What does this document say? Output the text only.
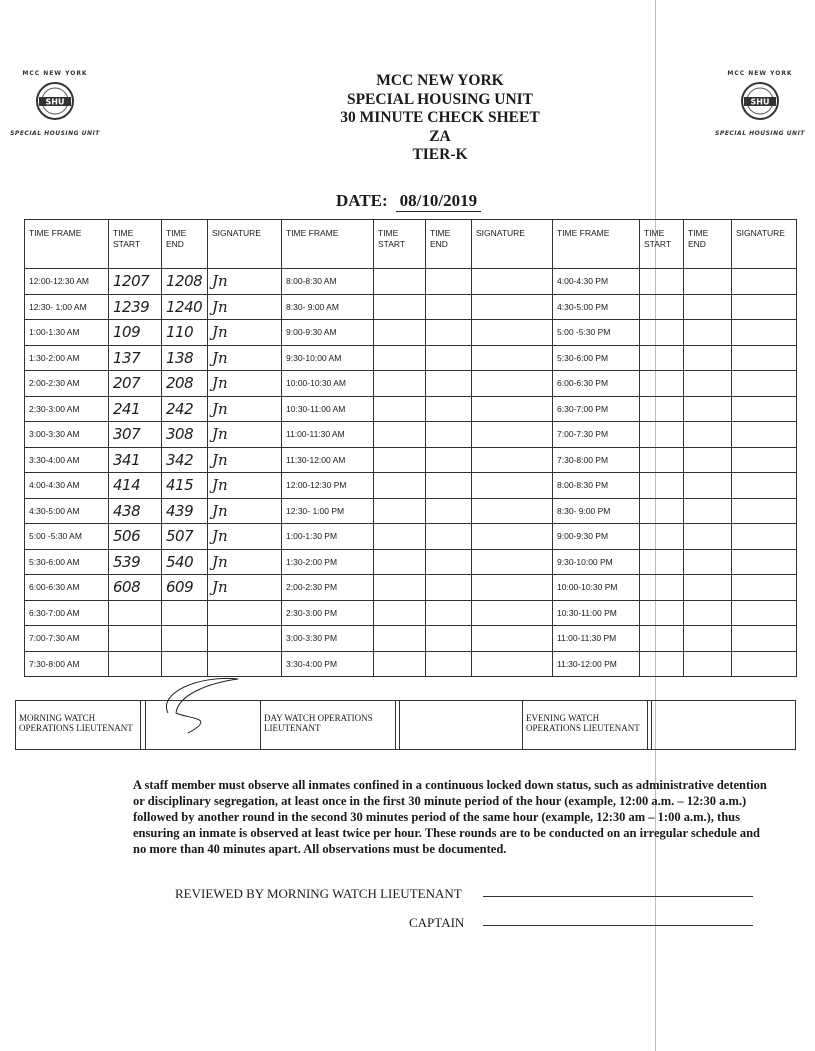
MCC NEW YORK
SHU
SPECIAL HOUSING UNIT
MCC NEW YORK
SHU
SPECIAL HOUSING UNIT
MCC NEW YORK
SPECIAL HOUSING UNIT
30 MINUTE CHECK SHEET
ZA
TIER-K
DATE: 08/10/2019
TIME FRAME	TIME START	TIME END	SIGNATURE	TIME FRAME	TIME START	TIME END	SIGNATURE	TIME FRAME	TIME START	TIME END	SIGNATURE
12:00-12:30 AM	1207	1208	Jn	8:00-8:30 AM				4:00-4:30 PM			
12:30- 1:00 AM	1239	1240	Jn	8:30- 9:00 AM				4:30-5:00 PM			
1:00-1:30 AM	109	110	Jn	9:00-9:30 AM				5:00 -5:30 PM			
1:30-2:00 AM	137	138	Jn	9:30-10:00 AM				5:30-6:00 PM			
2:00-2:30 AM	207	208	Jn	10:00-10:30 AM				6:00-6:30 PM			
2:30-3:00 AM	241	242	Jn	10:30-11:00 AM				6:30-7:00 PM			
3:00-3:30 AM	307	308	Jn	11:00-11:30 AM				7:00-7:30 PM			
3:30-4:00 AM	341	342	Jn	11:30-12:00 AM				7:30-8:00 PM			
4:00-4:30 AM	414	415	Jn	12:00-12:30 PM				8:00-8:30 PM			
4:30-5:00 AM	438	439	Jn	12:30- 1:00 PM				8:30- 9:00 PM			
5:00 -5:30 AM	506	507	Jn	1:00-1:30 PM				9:00-9:30 PM			
5:30-6:00 AM	539	540	Jn	1:30-2:00 PM				9:30-10:00 PM			
6:00-6:30 AM	608	609	Jn	2:00-2:30 PM				10:00-10:30 PM			
6:30-7:00 AM				2:30-3:00 PM				10:30-11:00 PM			
7:00-7:30 AM				3:00-3:30 PM				11:00-11:30 PM			
7:30-8:00 AM				3:30-4:00 PM				11:30-12:00 PM			
MORNING WATCH OPERATIONS LIEUTENANT
DAY WATCH OPERATIONS LIEUTENANT
EVENING WATCH OPERATIONS LIEUTENANT
A staff member must observe all inmates confined in a continuous locked down status, such as administrative detention or disciplinary segregation, at least once in the first 30 minute period of the hour (example, 12:00 a.m. – 12:30 a.m.) followed by another round in the second 30 minutes period of the same hour (example, 12:30 am – 1:00 a.m.), thus ensuring an inmate is observed at least twice per hour. These rounds are to be conducted on an irregular schedule and no more than 40 minutes apart. All observations must be documented.
REVIEWED BY MORNING WATCH LIEUTENANT
CAPTAIN
